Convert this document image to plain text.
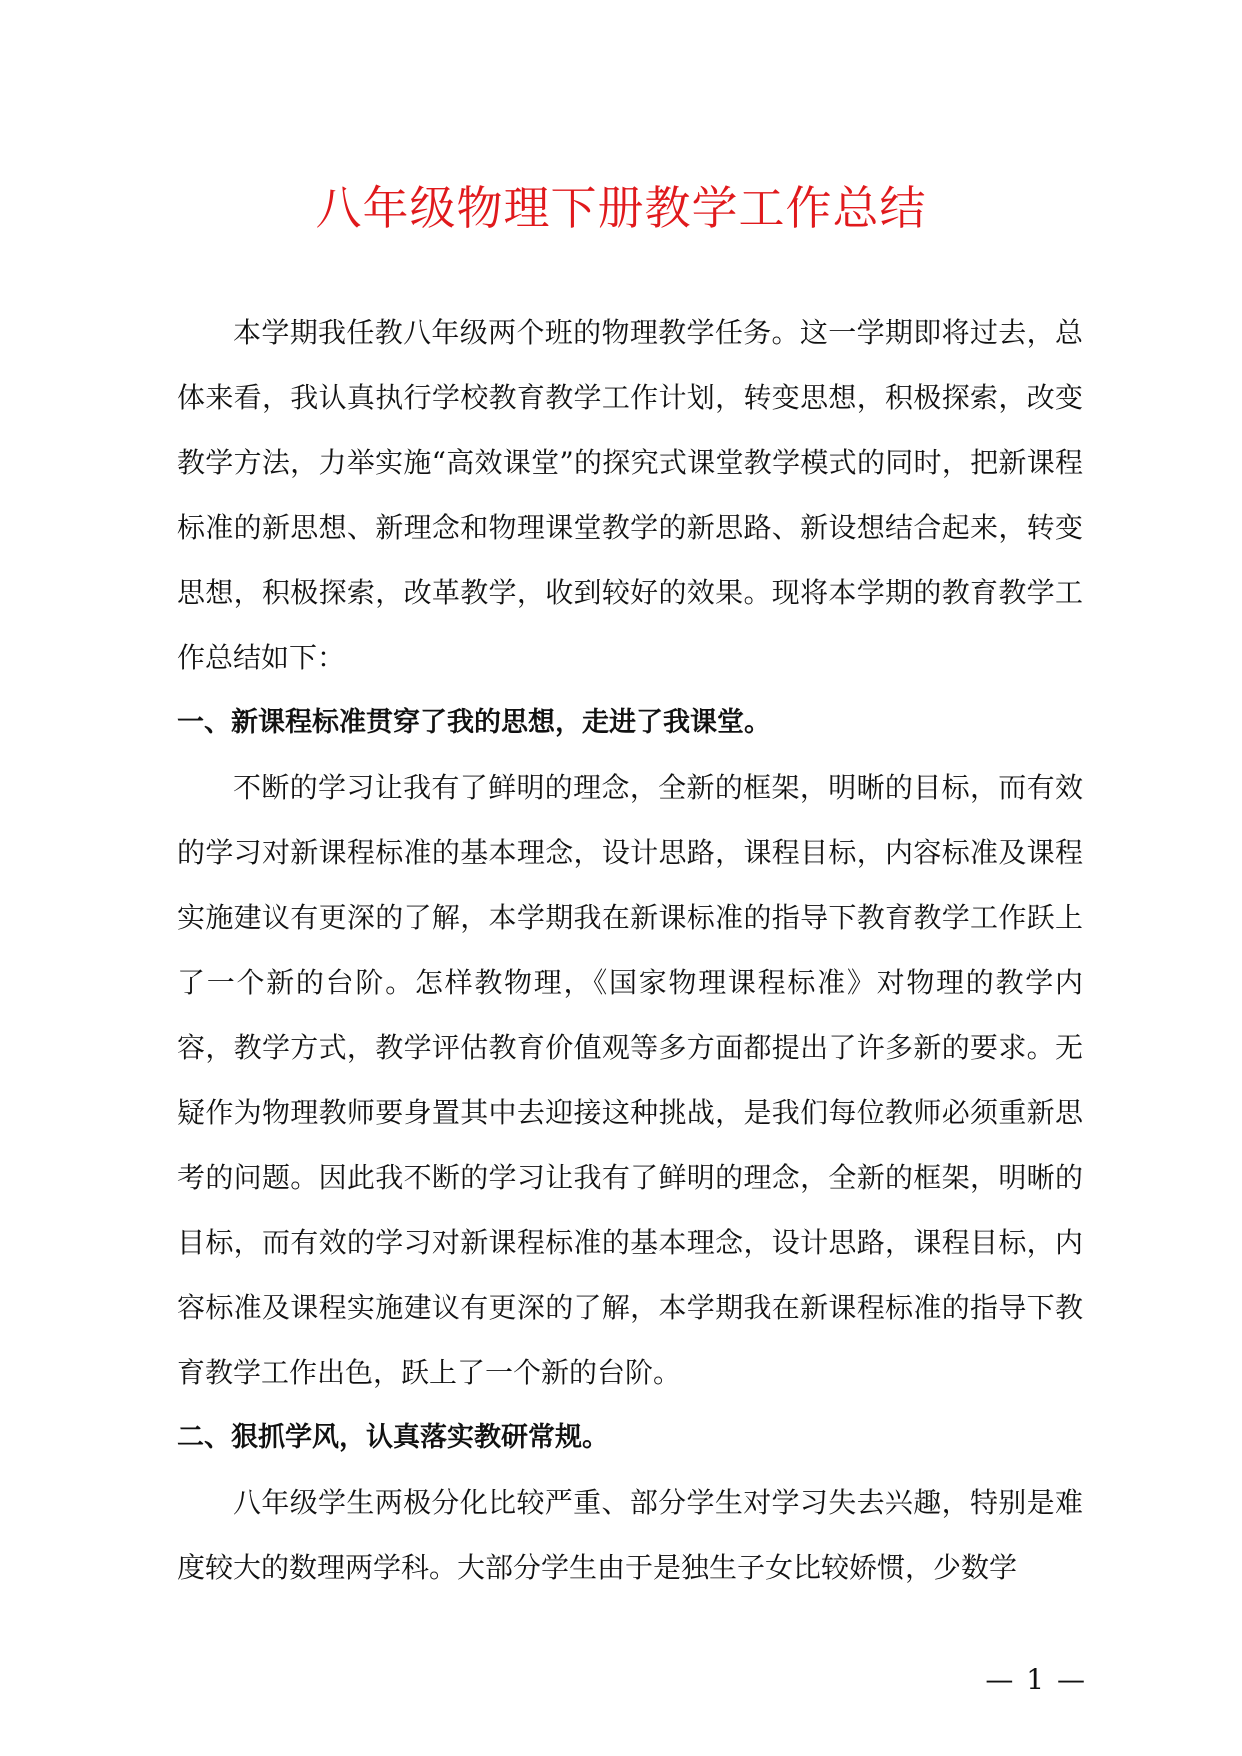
八年级物理下册教学工作总结

本学期我任教八年级两个班的物理教学任务。这一学期即将过去，总体来看，我认真执行学校教育教学工作计划，转变思想，积极探索，改变教学方法，力举实施“高效课堂”的探究式课堂教学模式的同时，把新课程标准的新思想、新理念和物理课堂教学的新思路、新设想结合起来，转变思想，积极探索，改革教学，收到较好的效果。现将本学期的教育教学工作总结如下：

一、新课程标准贯穿了我的思想，走进了我课堂。

不断的学习让我有了鲜明的理念，全新的框架，明晰的目标，而有效的学习对新课程标准的基本理念，设计思路，课程目标，内容标准及课程实施建议有更深的了解，本学期我在新课标准的指导下教育教学工作跃上了一个新的台阶。怎样教物理，《国家物理课程标准》对物理的教学内容，教学方式，教学评估教育价值观等多方面都提出了许多新的要求。无疑作为物理教师要身置其中去迎接这种挑战，是我们每位教师必须重新思考的问题。因此我不断的学习让我有了鲜明的理念，全新的框架，明晰的目标，而有效的学习对新课程标准的基本理念，设计思路，课程目标，内容标准及课程实施建议有更深的了解，本学期我在新课程标准的指导下教育教学工作出色，跃上了一个新的台阶。

二、狠抓学风，认真落实教研常规。

八年级学生两极分化比较严重、部分学生对学习失去兴趣，特别是难度较大的数理两学科。大部分学生由于是独生子女比较娇惯，少数学

— 1 —
